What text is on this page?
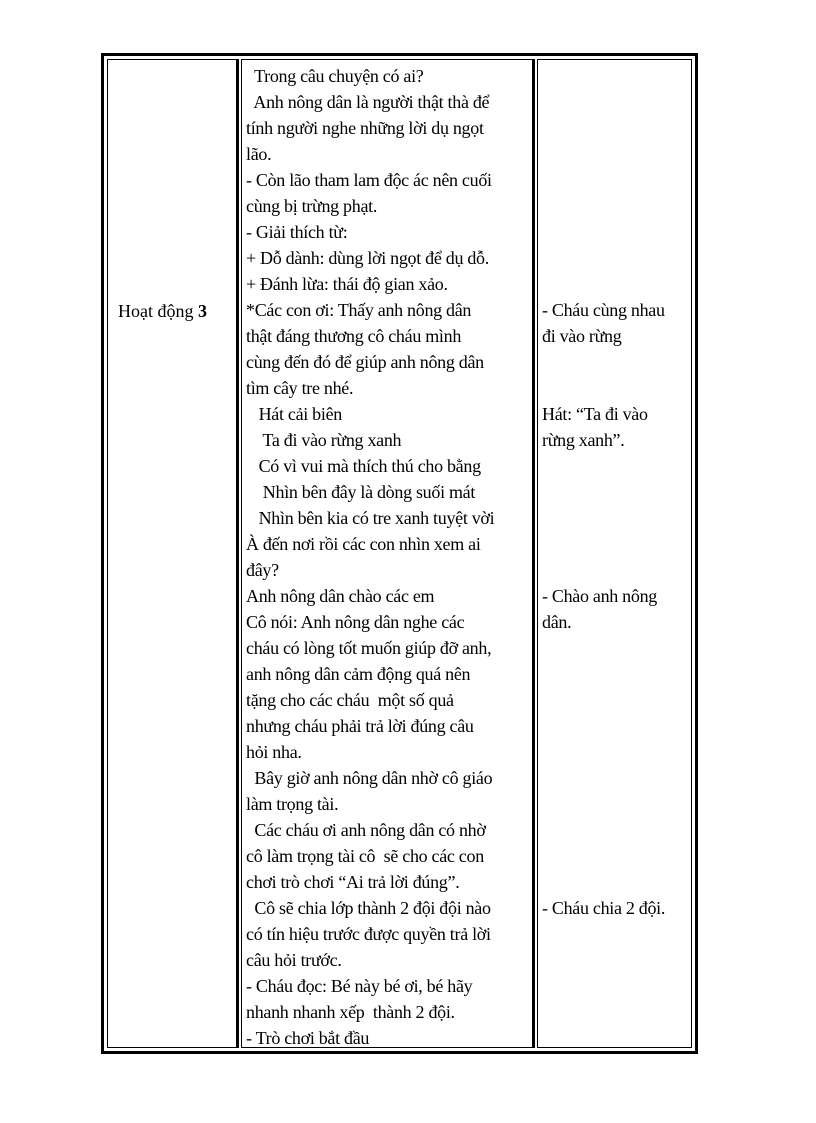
Hoạt động 3
Trong câu chuyện có ai?
Anh nông dân là người thật thà để
tính người nghe những lời dụ ngọt
lão.
- Còn lão tham lam độc ác nên cuối
cùng bị trừng phạt.
- Giải thích từ:
+ Dỗ dành: dùng lời ngọt để dụ dỗ.
+ Đánh lừa: thái độ gian xảo.
*Các con ơi: Thấy anh nông dân
thật đáng thương cô cháu mình
cùng đến đó để giúp anh nông dân
tìm cây tre nhé.
Hát cải biên
Ta đi vào rừng xanh
Có vì vui mà thích thú cho bằng
Nhìn bên đây là dòng suối mát
Nhìn bên kia có tre xanh tuyệt vời
À đến nơi rồi các con nhìn xem ai
đây?
Anh nông dân chào các em
Cô nói: Anh nông dân nghe các
cháu có lòng tốt muốn giúp đỡ anh,
anh nông dân cảm động quá nên
tặng cho các cháu  một số quả
nhưng cháu phải trả lời đúng câu
hỏi nha.
Bây giờ anh nông dân nhờ cô giáo
làm trọng tài.
Các cháu ơi anh nông dân có nhờ
cô làm trọng tài cô  sẽ cho các con
chơi trò chơi “Ai trả lời đúng”.
Cô sẽ chia lớp thành 2 đội đội nào
có tín hiệu trước được quyền trả lời
câu hỏi trước.
- Cháu đọc: Bé này bé ơi, bé hãy
nhanh nhanh xếp  thành 2 đội.
- Trò chơi bắt đầu
- Cháu cùng nhau
đi vào rừng
Hát: “Ta đi vào
rừng xanh”.
- Chào anh nông
dân.
- Cháu chia 2 đội.
